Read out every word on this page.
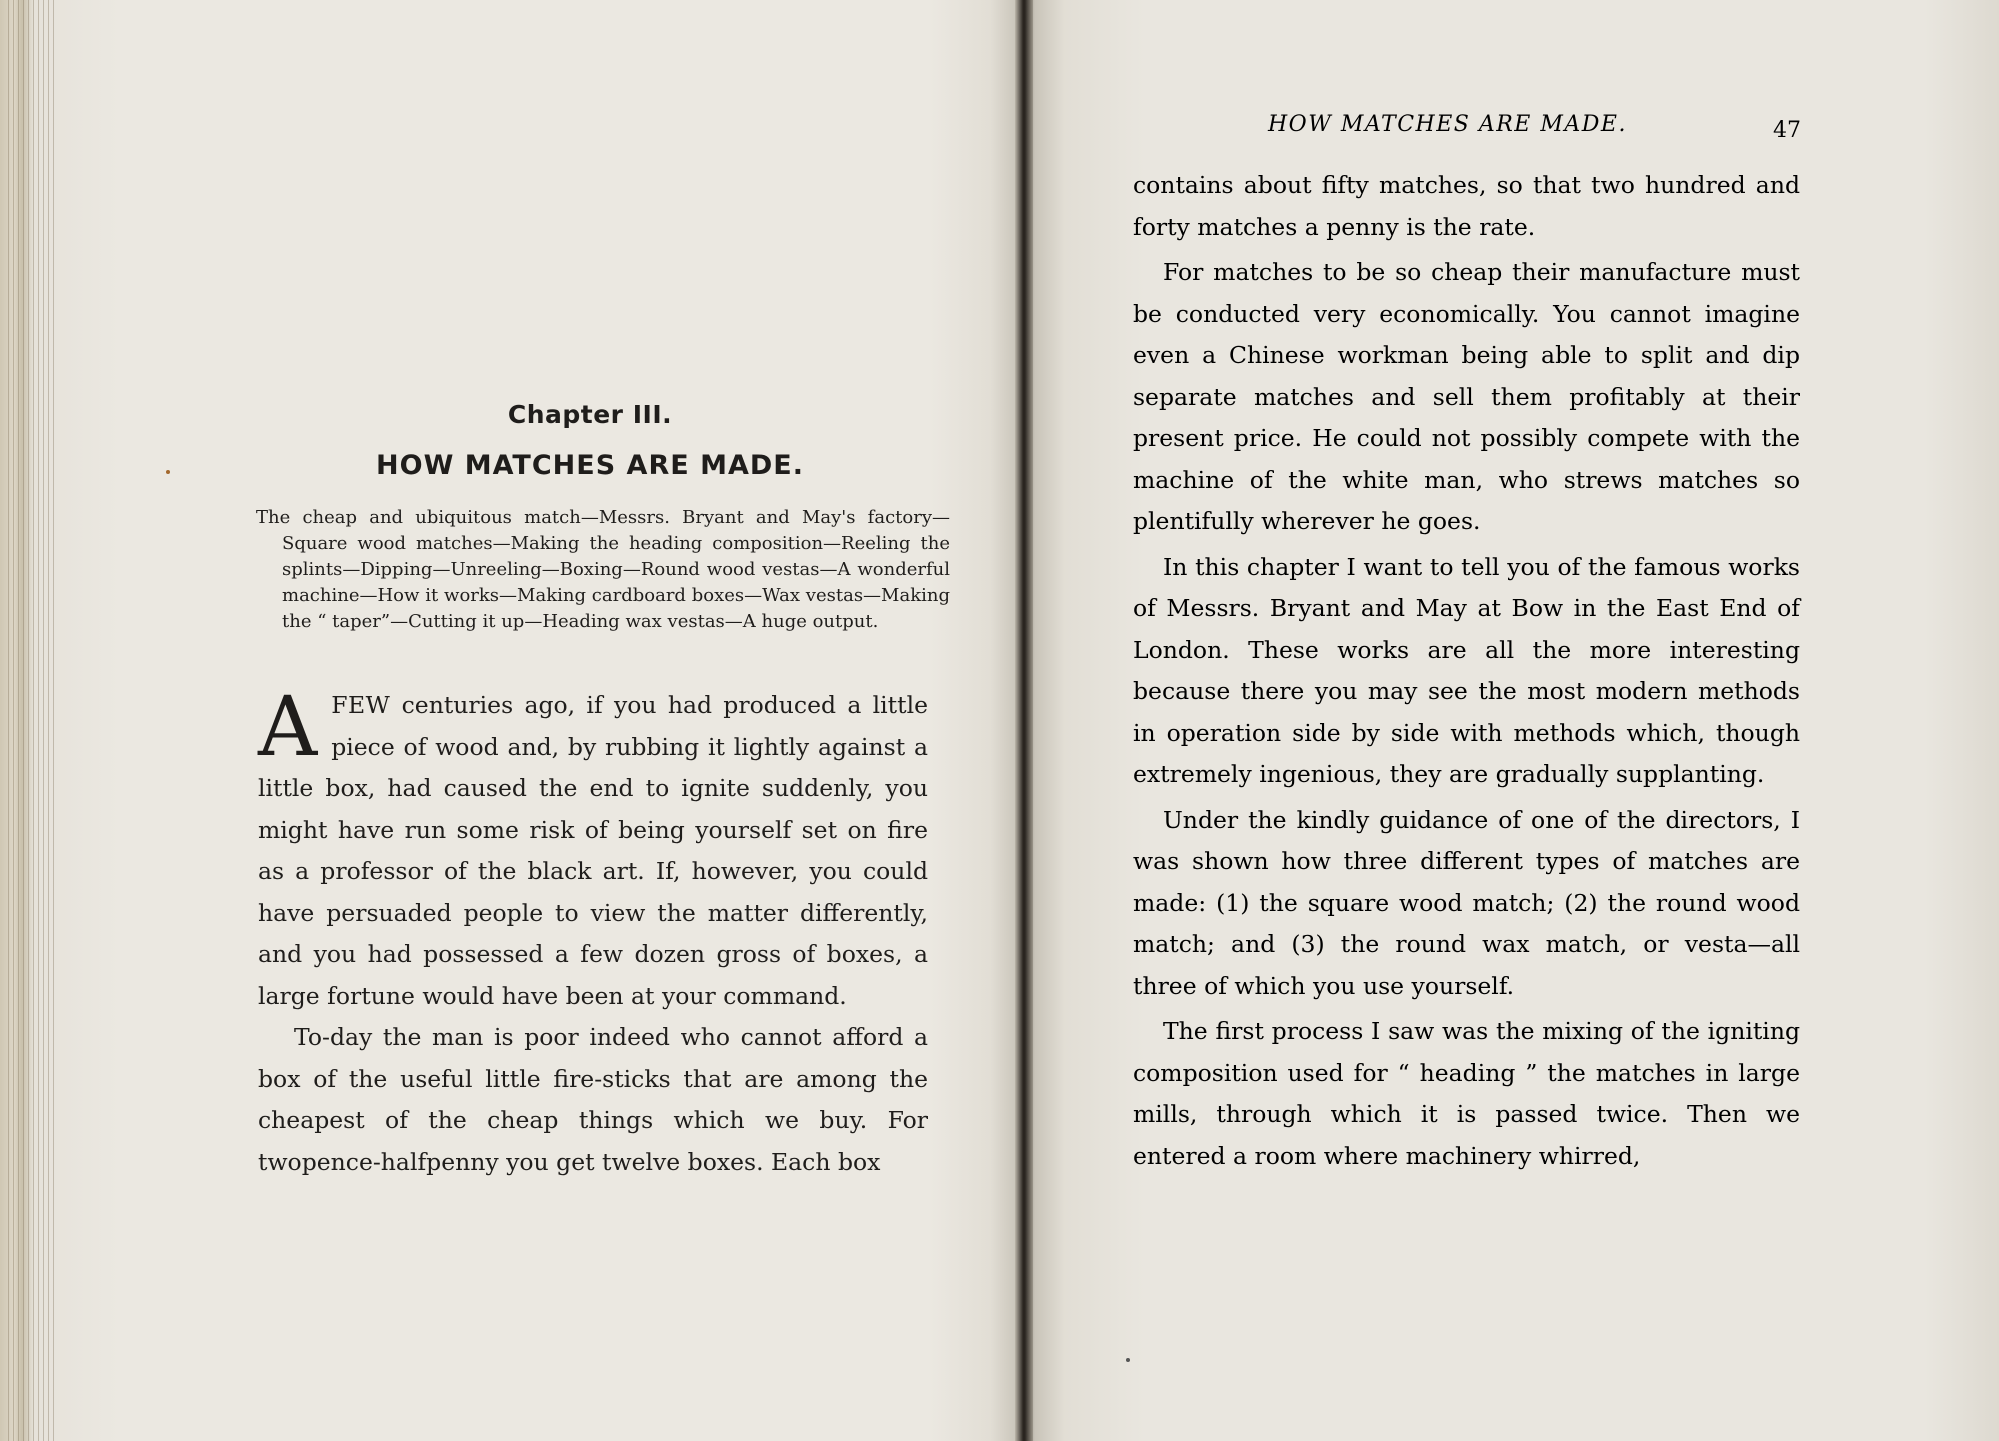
Chapter III.
HOW MATCHES ARE MADE.
The cheap and ubiquitous match—Messrs. Bryant and May's factory—Square wood matches—Making the heading composition—Reeling the splints—Dipping—Unreeling—Boxing—Round wood vestas—A wonderful machine—How it works—Making cardboard boxes—Wax vestas—Making the “ taper”—Cutting it up—Heading wax vestas—A huge output.

AFEW centuries ago, if you had produced a little piece of wood and, by rubbing it lightly against a little box, had caused the end to ignite suddenly, you might have run some risk of being yourself set on fire as a professor of the black art. If, however, you could have persuaded people to view the matter differently, and you had possessed a few dozen gross of boxes, a large fortune would have been at your command.

To-day the man is poor indeed who cannot afford a box of the useful little fire-sticks that are among the cheapest of the cheap things which we buy. For twopence-halfpenny you get twelve boxes. Each box

HOW MATCHES ARE MADE.	47

contains about fifty matches, so that two hundred and forty matches a penny is the rate.

For matches to be so cheap their manufacture must be conducted very economically. You cannot imagine even a Chinese workman being able to split and dip separate matches and sell them profitably at their present price. He could not possibly compete with the machine of the white man, who strews matches so plentifully wherever he goes.

In this chapter I want to tell you of the famous works of Messrs. Bryant and May at Bow in the East End of London. These works are all the more interesting because there you may see the most modern methods in operation side by side with methods which, though extremely ingenious, they are gradually supplanting.

Under the kindly guidance of one of the directors, I was shown how three different types of matches are made: (1) the square wood match; (2) the round wood match; and (3) the round wax match, or vesta—all three of which you use yourself.

The first process I saw was the mixing of the igniting composition used for “ heading ” the matches in large mills, through which it is passed twice. Then we entered a room where machinery whirred,
